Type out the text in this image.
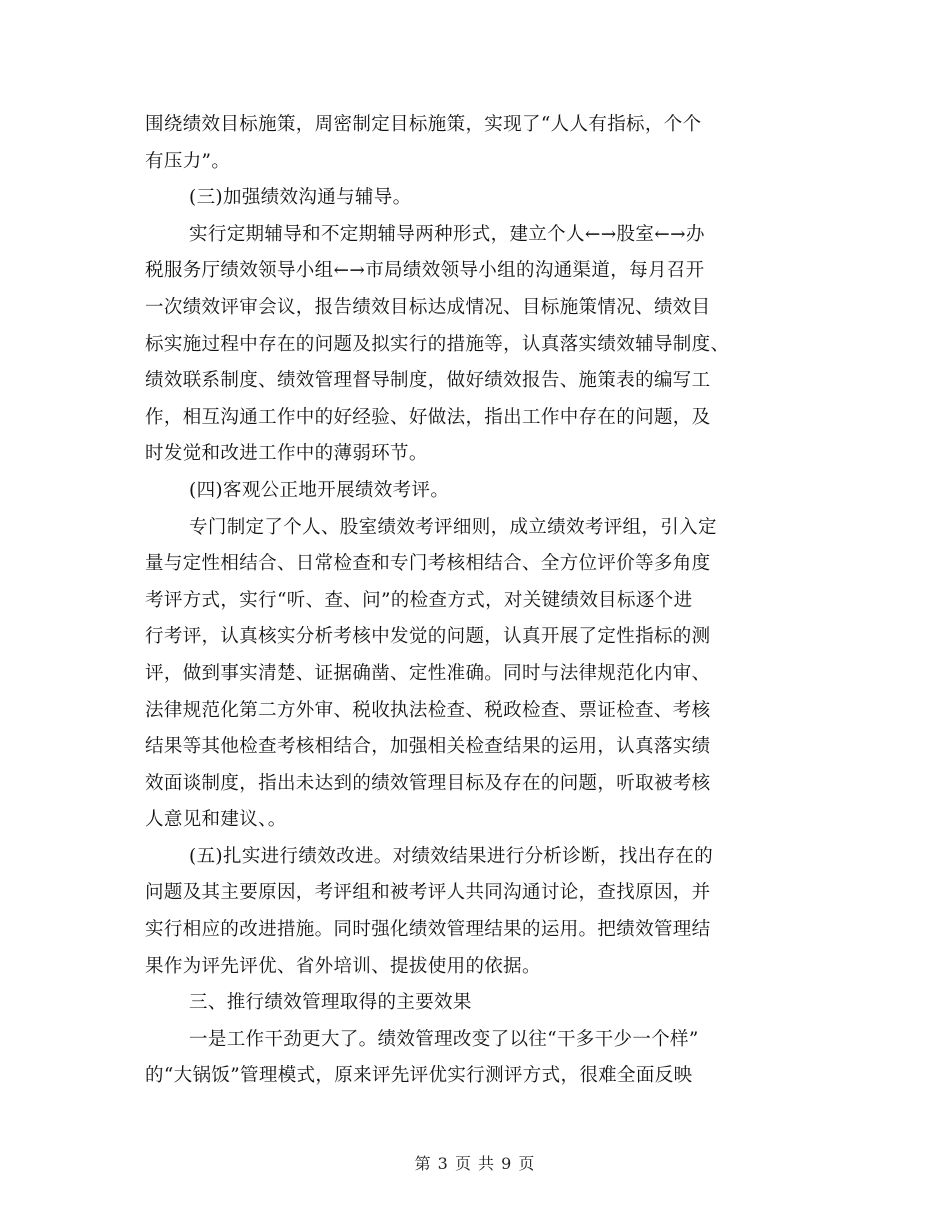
围绕绩效目标施策，周密制定目标施策，实现了“人人有指标，个个
有压力”。
(三)加强绩效沟通与辅导。
实行定期辅导和不定期辅导两种形式，建立个人←→股室←→办
税服务厅绩效领导小组←→市局绩效领导小组的沟通渠道，每月召开
一次绩效评审会议，报告绩效目标达成情况、目标施策情况、绩效目
标实施过程中存在的问题及拟实行的措施等，认真落实绩效辅导制度、
绩效联系制度、绩效管理督导制度，做好绩效报告、施策表的编写工
作，相互沟通工作中的好经验、好做法，指出工作中存在的问题，及
时发觉和改进工作中的薄弱环节。
(四)客观公正地开展绩效考评。
专门制定了个人、股室绩效考评细则，成立绩效考评组，引入定
量与定性相结合、日常检查和专门考核相结合、全方位评价等多角度
考评方式，实行“听、查、问”的检查方式，对关键绩效目标逐个进
行考评，认真核实分析考核中发觉的问题，认真开展了定性指标的测
评，做到事实清楚、证据确凿、定性准确。同时与法律规范化内审、
法律规范化第二方外审、税收执法检查、税政检查、票证检查、考核
结果等其他检查考核相结合，加强相关检查结果的运用，认真落实绩
效面谈制度，指出未达到的绩效管理目标及存在的问题，听取被考核
人意见和建议、。
(五)扎实进行绩效改进。对绩效结果进行分析诊断，找出存在的
问题及其主要原因，考评组和被考评人共同沟通讨论，查找原因，并
实行相应的改进措施。同时强化绩效管理结果的运用。把绩效管理结
果作为评先评优、省外培训、提拔使用的依据。
三、推行绩效管理取得的主要效果
一是工作干劲更大了。绩效管理改变了以往“干多干少一个样”
的“大锅饭”管理模式，原来评先评优实行测评方式，很难全面反映
第 3 页 共 9 页
